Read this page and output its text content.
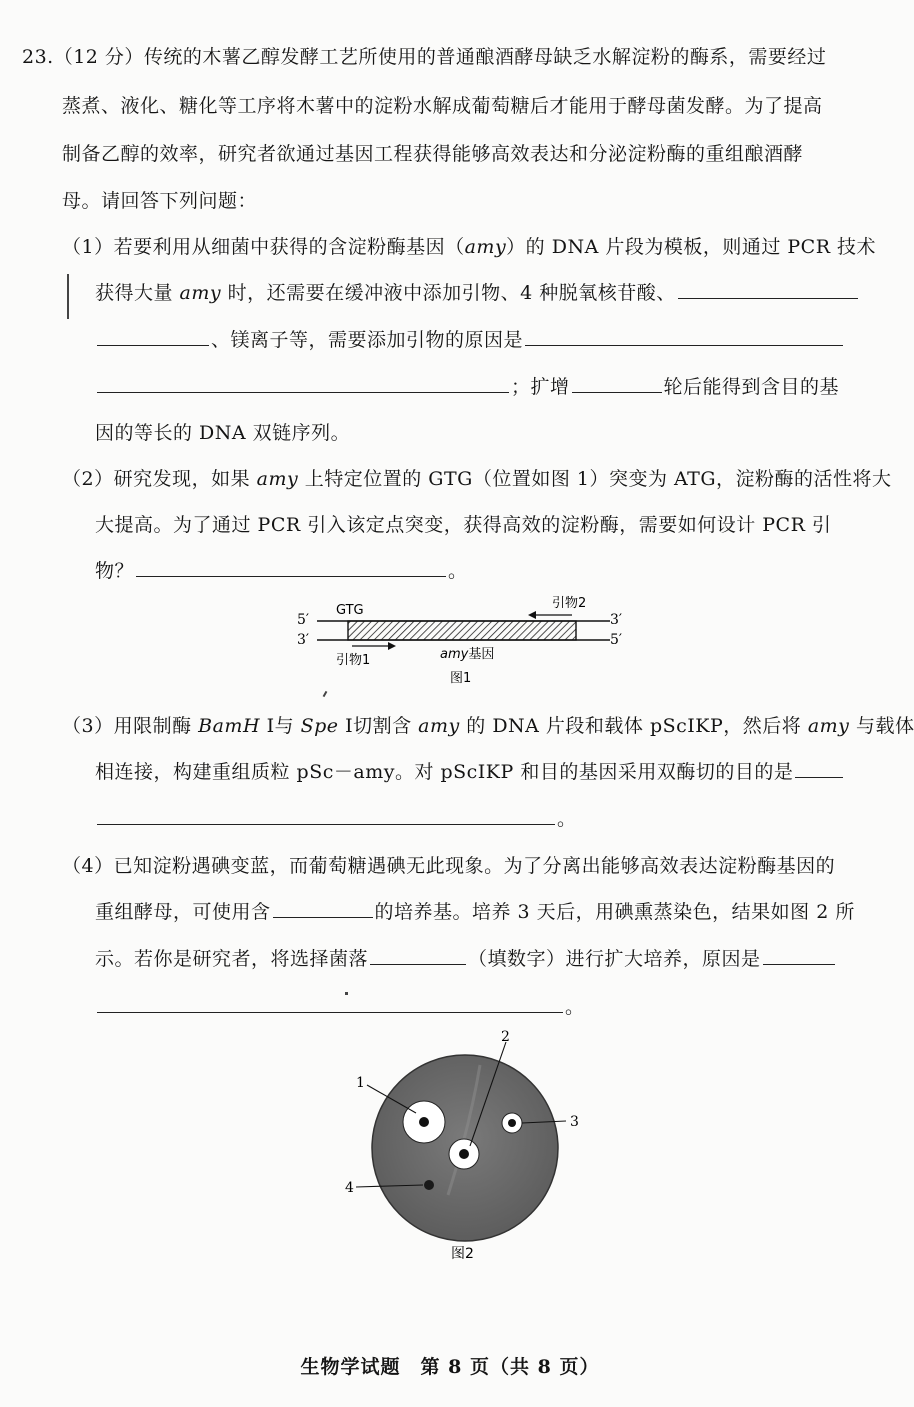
23.（12 分）传统的木薯乙醇发酵工艺所使用的普通酿酒酵母缺乏水解淀粉的酶系，需要经过
蒸煮、液化、糖化等工序将木薯中的淀粉水解成葡萄糖后才能用于酵母菌发酵。为了提高
制备乙醇的效率，研究者欲通过基因工程获得能够高效表达和分泌淀粉酶的重组酿酒酵
母。请回答下列问题：
（1）若要利用从细菌中获得的含淀粉酶基因（amy）的 DNA 片段为模板，则通过 PCR 技术
获得大量 amy 时，还需要在缓冲液中添加引物、4 种脱氧核苷酸、
、镁离子等，需要添加引物的原因是
；扩增	轮后能得到含目的基
因的等长的 DNA 双链序列。
（2）研究发现，如果 amy 上特定位置的 GTG（位置如图 1）突变为 ATG，淀粉酶的活性将大
大提高。为了通过 PCR 引入该定点突变，获得高效的淀粉酶，需要如何设计 PCR 引
物？	。
5′
GTG	引物2
3′
3′	5′
引物1	amy基因
图1
（3）用限制酶 BamH Ⅰ与 Spe Ⅰ切割含 amy 的 DNA 片段和载体 pScIKP，然后将 amy 与载体
相连接，构建重组质粒 pSc－amy。对 pScIKP 和目的基因采用双酶切的目的是
。
（4）已知淀粉遇碘变蓝，而葡萄糖遇碘无此现象。为了分离出能够高效表达淀粉酶基因的
重组酵母，可使用含	的培养基。培养 3 天后，用碘熏蒸染色，结果如图 2 所
示。若你是研究者，将选择菌落	（填数字）进行扩大培养，原因是
。
1
2
3
4
图2
生物学试题　第 8 页（共 8 页）
